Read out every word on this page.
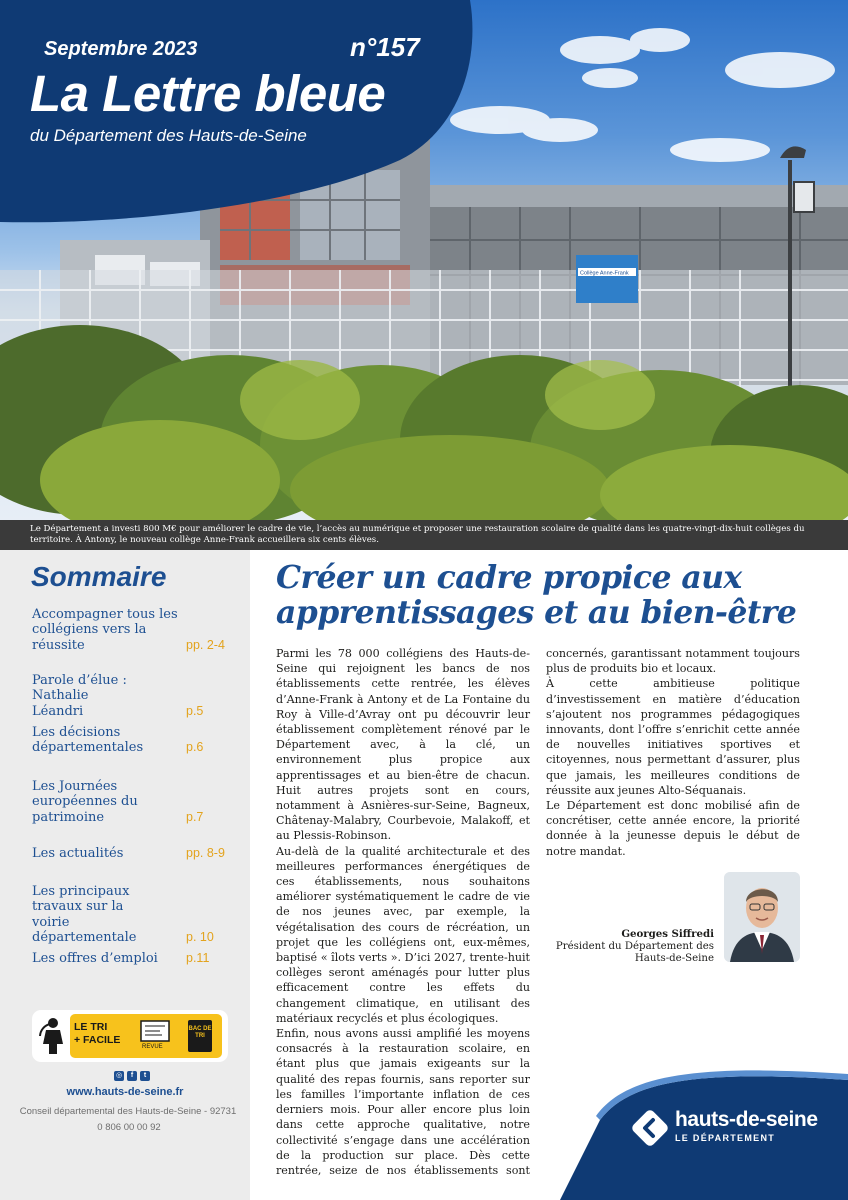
Collège Anne-Frank
Septembre 2023	n°157
La Lettre bleue
du Département des Hauts-de-Seine
Le Département a investi 800 M€ pour améliorer le cadre de vie, l’accès au numérique et proposer une restauration scolaire de qualité dans les quatre-vingt-dix-huit collèges du territoire. À Antony, le nouveau collège Anne-Frank accueillera six cents élèves.
Sommaire
Accompagner tous les collégiens vers la réussite	pp. 2-4
Parole d’élue : Nathalie Léandri	p.5
Les décisions départementales	p.6
Les Journées européennes du patrimoine	p.7
Les actualités	pp. 8-9
Les principaux travaux sur la voirie départementale	p. 10
Les offres d’emploi	p.11
LE TRI
+ FACILE
REVUE
BAC DE TRI
◎	f	t
www.hauts-de-seine.fr
Conseil départemental des Hauts-de-Seine - 92731
0 806 00 00 92
Créer un cadre propice aux
apprentissages et au bien-être

Parmi les 78 000 collégiens des Hauts-de-Seine qui rejoignent les bancs de nos établissements cette rentrée, les élèves d’Anne-Frank à Antony et de La Fontaine du Roy à Ville-d’Avray ont pu découvrir leur établissement complètement rénové par le Département avec, à la clé, un environnement plus propice aux apprentissages et au bien-être de chacun. Huit autres projets sont en cours, notamment à Asnières-sur-Seine, Bagneux, Châtenay-Malabry, Courbevoie, Malakoff, et au Plessis-Robinson.

Au-delà de la qualité architecturale et des meilleures performances énergétiques de ces établissements, nous souhaitons améliorer systématiquement le cadre de vie de nos jeunes avec, par exemple, la végétalisation des cours de récréation, un projet que les collégiens ont, eux-mêmes, baptisé « îlots verts ». D’ici 2027, trente-huit collèges seront aménagés pour lutter plus efficacement contre les effets du changement climatique, en utilisant des matériaux recyclés et plus écologiques.

Enfin, nous avons aussi amplifié les moyens consacrés à la restauration scolaire, en étant plus que jamais exigeants sur la qualité des repas fournis, sans reporter sur les familles l’importante inflation de ces derniers mois. Pour aller encore plus loin dans cette approche qualitative, notre collectivité s’engage dans une accélération de la production sur place. Dès cette rentrée, seize de nos établissements sont

concernés, garantissant notamment toujours plus de produits bio et locaux.

À cette ambitieuse politique d’investissement en matière d’éducation s’ajoutent nos programmes pédagogiques innovants, dont l’offre s’enrichit cette année de nouvelles initiatives sportives et citoyennes, nous permettant d’assurer, plus que jamais, les meilleures conditions de réussite aux jeunes Alto-Séquanais.

Le Département est donc mobilisé afin de concrétiser, cette année encore, la priorité donnée à la jeunesse depuis le début de notre mandat.

Georges Siffredi
Président du Département des Hauts-de-Seine
hauts-de-seine
LE DÉPARTEMENT
